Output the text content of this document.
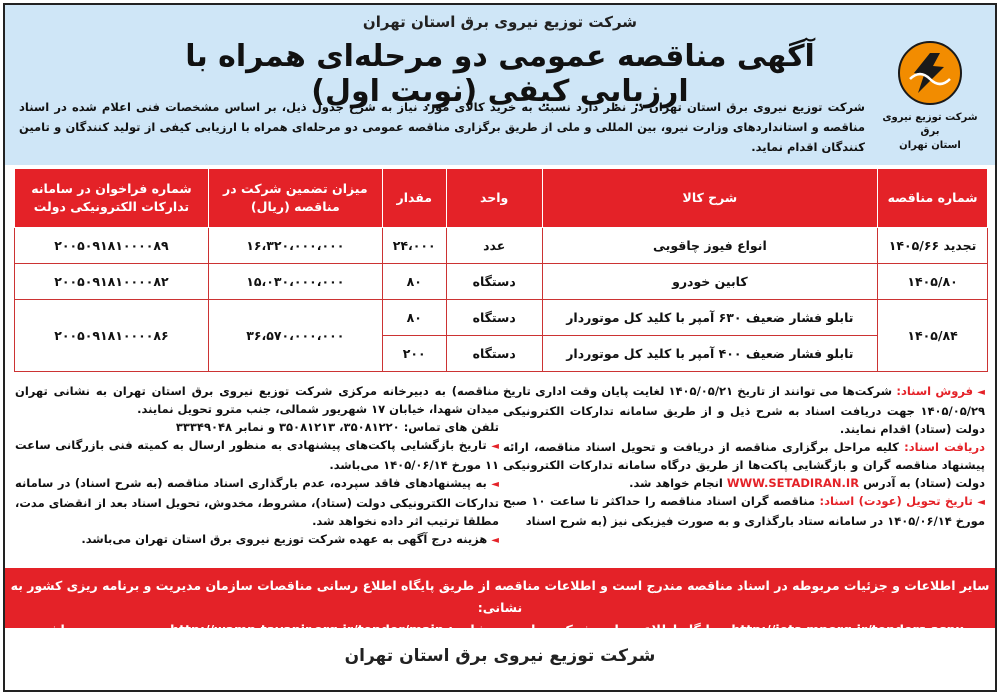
شرکت توزیع نیروی برق استان تهران
آگهی مناقصه عمومی دو مرحله‌ای همراه با ارزیابی کیفی (نوبت اول)
شرکت توزیع نیروی برق
استان تهران
شرکت توزیع نیروی برق استان تهران در نظر دارد نسبت به خرید کالای مورد نیاز به شرح جدول ذیل، بر اساس مشخصات فنی اعلام شده در اسناد مناقصه و استانداردهای وزارت نیرو، بین المللی و ملی از طریق برگزاری مناقصه عمومی دو مرحله‌ای همراه با ارزیابی کیفی از تولید کنندگان و تامین کنندگان اقدام نماید.
شماره مناقصه	شرح کالا	واحد	مقدار	میزان تضمین شرکت در مناقصه (ریال)	شماره فراخوان در سامانه تدارکات الکترونیکی دولت
تجدید ۱۴۰۵/۶۶	انواع فیوز چاقویی	عدد	۲۴،۰۰۰	۱۶،۳۲۰،۰۰۰،۰۰۰	۲۰۰۵۰۹۱۸۱۰۰۰۰۸۹
۱۴۰۵/۸۰	کابین خودرو	دستگاه	۸۰	۱۵،۰۳۰،۰۰۰،۰۰۰	۲۰۰۵۰۹۱۸۱۰۰۰۰۸۲
۱۴۰۵/۸۴	تابلو فشار ضعیف ۶۳۰ آمپر با کلید کل موتوردار	دستگاه	۸۰	۳۶،۵۷۰،۰۰۰،۰۰۰	۲۰۰۵۰۹۱۸۱۰۰۰۰۸۶
	تابلو فشار ضعیف ۴۰۰ آمپر با کلید کل موتوردار	دستگاه	۲۰۰		
◄ فروش اسناد: شرکت‌ها می توانند از تاریخ ۱۴۰۵/۰۵/۲۱ لغایت پایان وقت اداری تاریخ ۱۴۰۵/۰۵/۲۹ جهت دریافت اسناد به شرح ذیل و از طریق سامانه تدارکات الکترونیکی دولت (ستاد) اقدام نمایند.
دریافت اسناد: کلیه مراحل برگزاری مناقصه از دریافت و تحویل اسناد مناقصه، ارائه پیشنهاد مناقصه گران و بازگشایی پاکت‌ها از طریق درگاه سامانه تدارکات الکترونیکی دولت (ستاد) به آدرس WWW.SETADIRAN.IR انجام خواهد شد.
◄ تاریخ تحویل (عودت) اسناد: مناقصه گران اسناد مناقصه را حداکثر تا ساعت ۱۰ صبح مورخ ۱۴۰۵/۰۶/۱۴ در سامانه ستاد بارگذاری و به صورت فیزیکی نیز (به شرح اسناد
مناقصه) به دبیرخانه مرکزی شرکت توزیع نیروی برق استان تهران به نشانی تهران میدان شهدا، خیابان ۱۷ شهریور شمالی، جنب مترو تحویل نمایند.
تلفن های تماس: ۳۵۰۸۱۲۲۰، ۳۵۰۸۱۲۱۳ و نمابر ۳۳۳۴۹۰۴۸
◄ تاریخ بازگشایی پاکت‌های پیشنهادی به منظور ارسال به کمیته فنی بازرگانی ساعت ۱۱ مورخ ۱۴۰۵/۰۶/۱۴ می‌باشد.
◄ به پیشنهادهای فاقد سپرده، عدم بارگذاری اسناد مناقصه (به شرح اسناد) در سامانه تدارکات الکترونیکی دولت (ستاد)، مشروط، مخدوش، تحویل اسناد بعد از انقضای مدت، مطلقا ترتیب اثر داده نخواهد شد.
◄ هزینه درج آگهی به عهده شرکت توزیع نیروی برق استان تهران می‌باشد.
سایر اطلاعات و جزئیات مربوطه در اسناد مناقصه مندرج است و اطلاعات مناقصه از طریق پایگاه اطلاع رسانی مناقصات سازمان مدیریت و برنامه ریزی کشور به نشانی:
http://iets.mporg.ir/tenders.aspx و پایگاه اطلاع رسانی شرکت توانیر به نشانی: http://wamp.tavanir.org.ir/tender/main در دسترس می باشد.
شرکت توزیع نیروی برق استان تهران
